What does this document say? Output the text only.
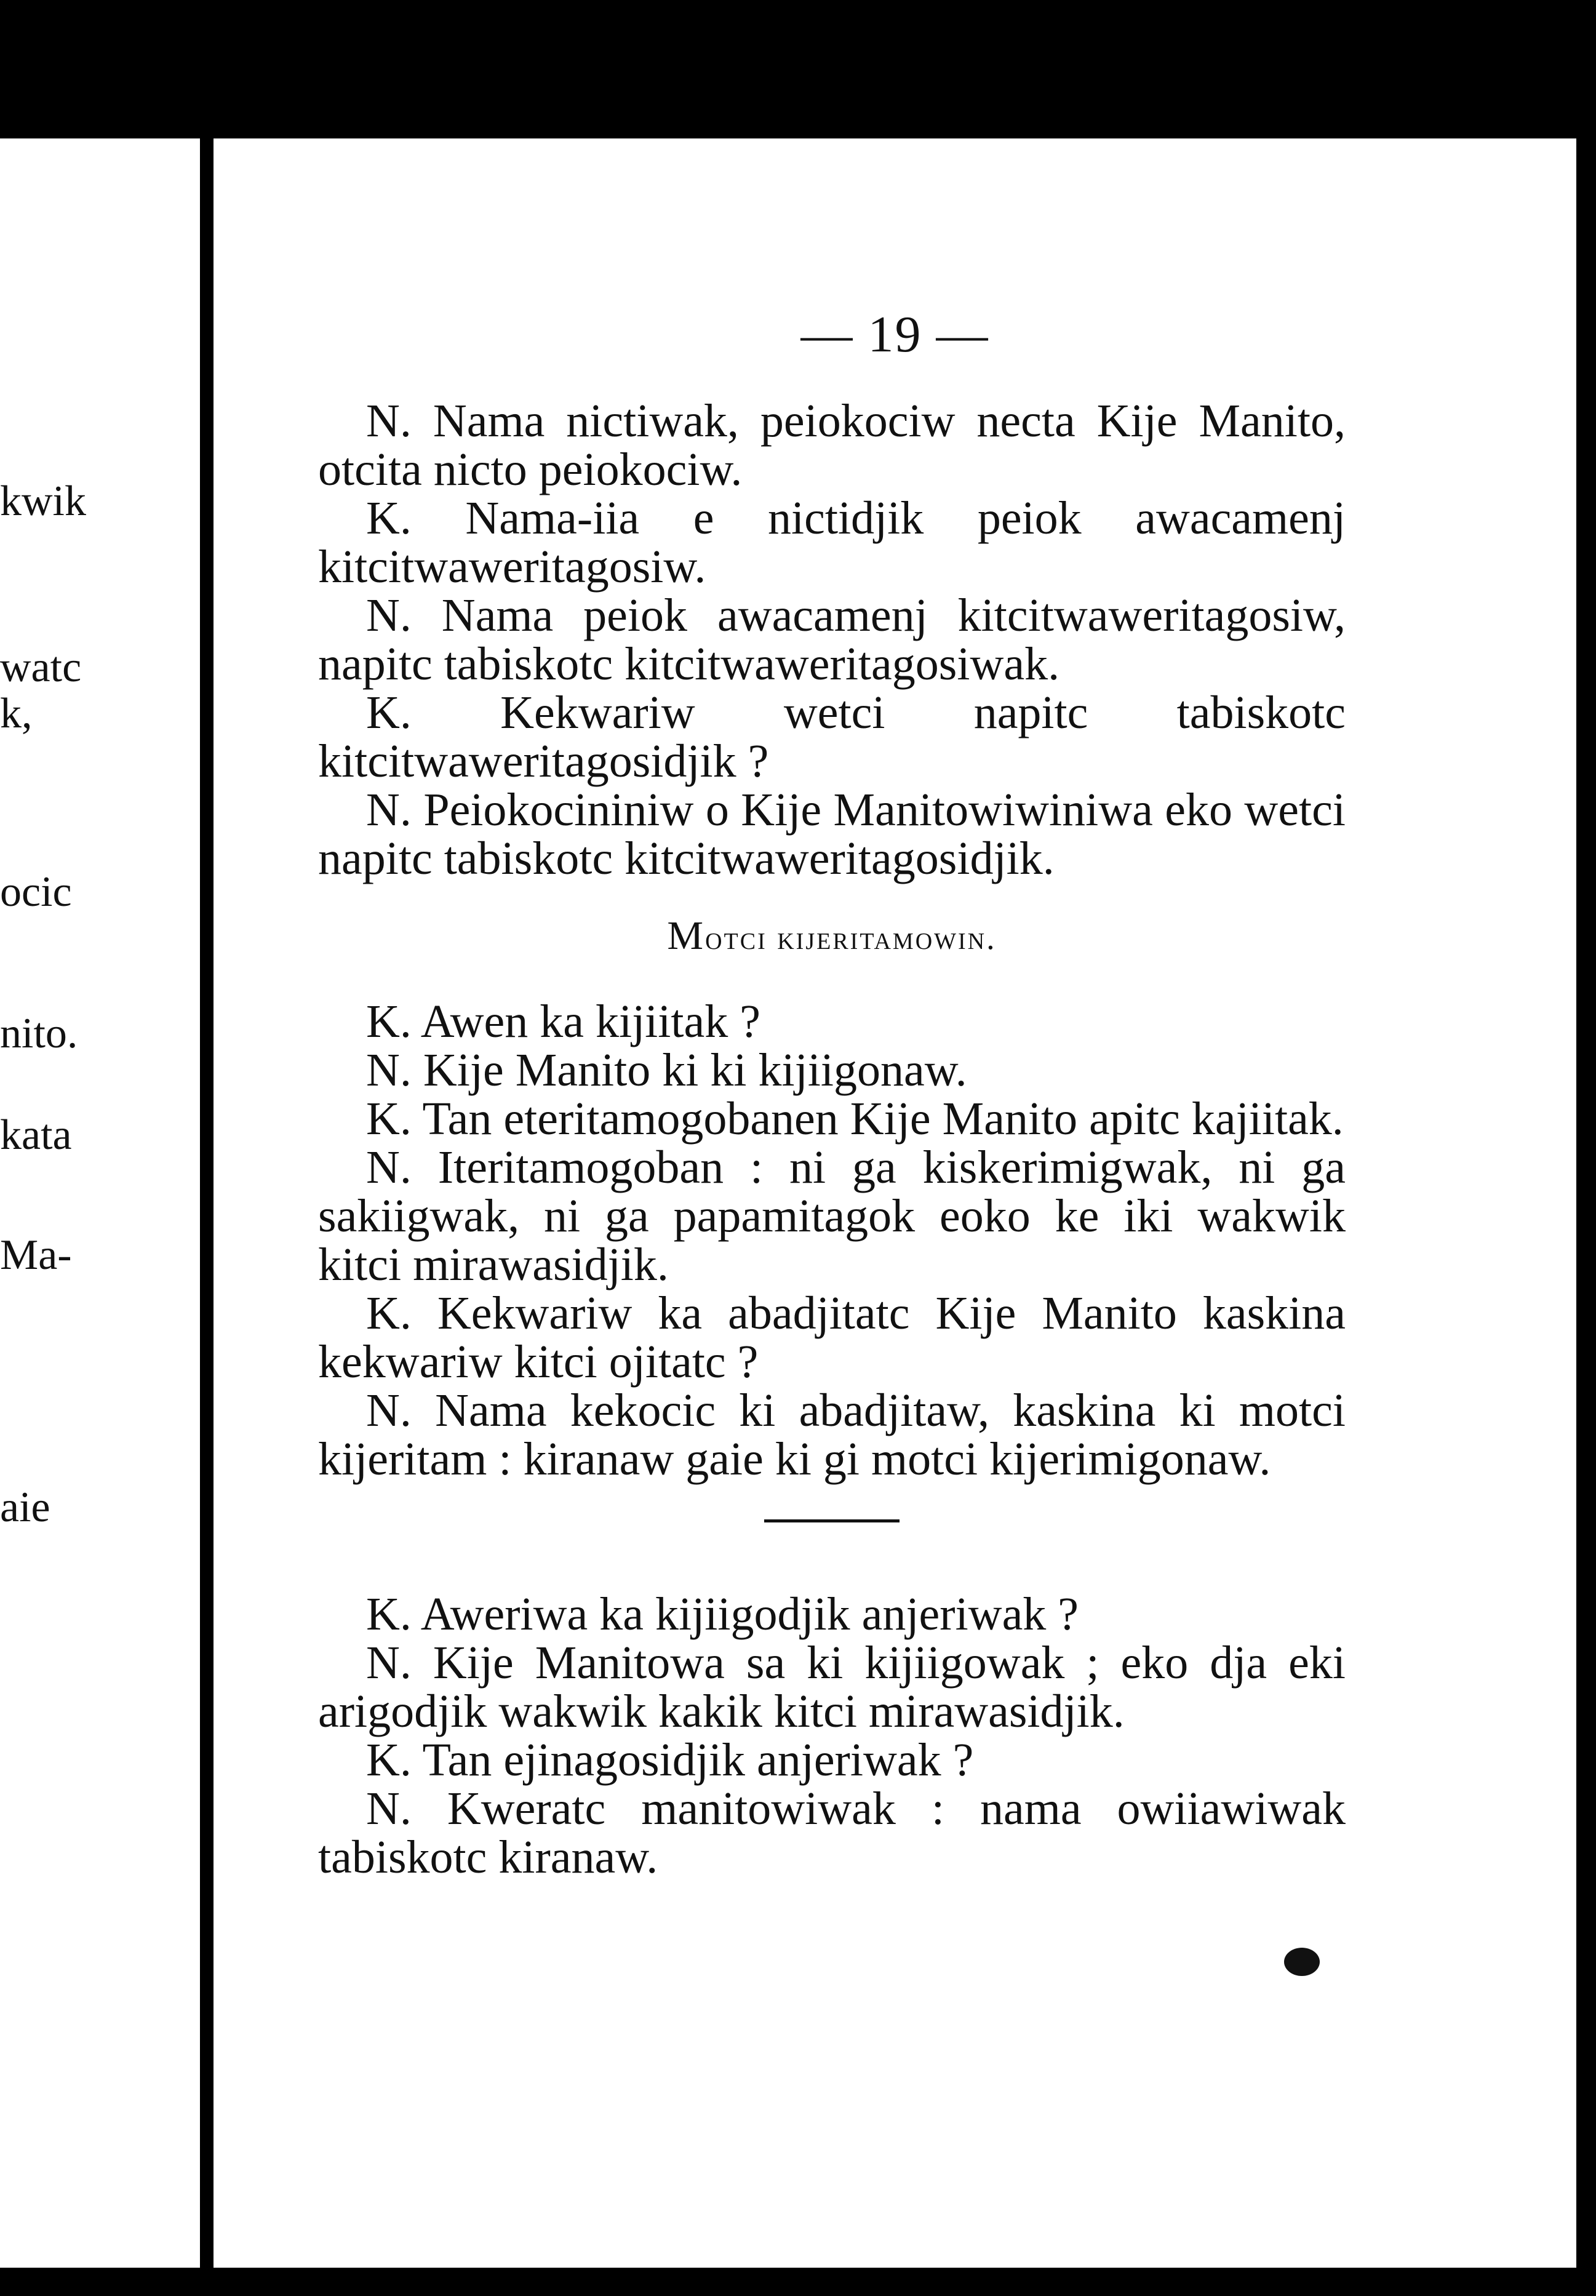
kwik
watc
k,
ocic
nito.
kata
Ma-
aie
— 19 —

N. Nama nictiwak, peiokociw necta Kije Manito, otcita nicto peiokociw.

K. Nama-iia e nictidjik peiok awacamenj kitcitwaweritagosiw.

N. Nama peiok awacamenj kitcitwaweritagosiw, napitc tabiskotc kitcitwaweritagosiwak.

K. Kekwariw wetci napitc tabiskotc kitcitwaweritagosidjik ?

N. Peiokocininiw o Kije Manitowiwiniwa eko wetci napitc tabiskotc kitcitwaweritagosidjik.

Motci kijeritamowin.

K. Awen ka kijiitak ?

N. Kije Manito ki ki kijiigonaw.

K. Tan eteritamogobanen Kije Manito apitc kajiitak.

N. Iteritamogoban : ni ga kiskerimigwak, ni ga sakiigwak, ni ga papamitagok eoko ke iki wakwik kitci mirawasidjik.

K. Kekwariw ka abadjitatc Kije Manito kaskina kekwariw kitci ojitatc ?

N. Nama kekocic ki abadjitaw, kaskina ki motci kijeritam : kiranaw gaie ki gi motci kijerimigonaw.

K. Aweriwa ka kijiigodjik anjeriwak ?

N. Kije Manitowa sa ki kijiigowak ; eko dja eki arigodjik wakwik kakik kitci mirawasidjik.

K. Tan ejinagosidjik anjeriwak ?

N. Kweratc manitowiwak : nama owiiawiwak tabiskotc kiranaw.
